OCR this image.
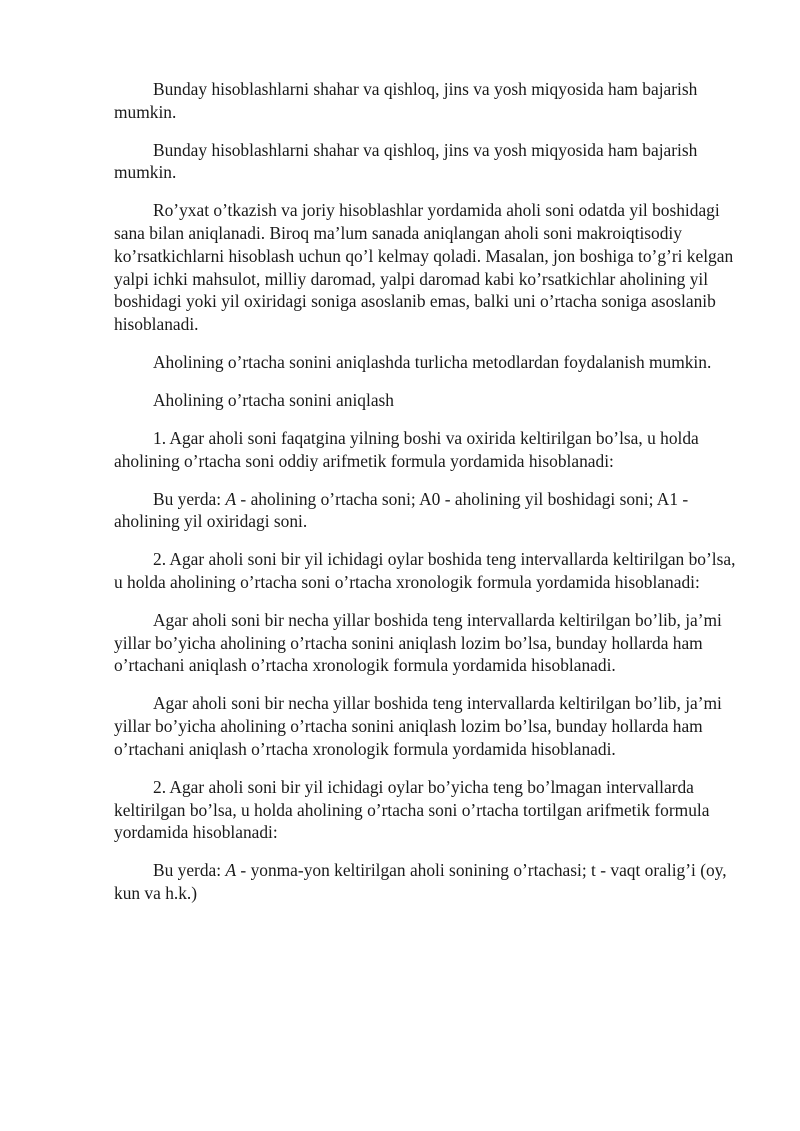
Bunday hisoblashlarni shahar va qishloq, jins va yosh miqyosida ham bajarish mumkin.

Bunday hisoblashlarni shahar va qishloq, jins va yosh miqyosida ham bajarish mumkin.

Ro’yxat o’tkazish va joriy hisoblashlar yordamida aholi soni odatda yil boshidagi sana bilan aniqlanadi. Biroq ma’lum sanada aniqlangan aholi soni makroiqtisodiy ko’rsatkichlarni hisoblash uchun qo’l kelmay qoladi. Masalan, jon boshiga to’g’ri kelgan yalpi ichki mahsulot, milliy daromad, yalpi daromad kabi ko’rsatkichlar aholining yil boshidagi yoki yil oxiridagi soniga asoslanib emas, balki uni o’rtacha soniga asoslanib hisoblanadi.

Aholining o’rtacha sonini aniqlashda turlicha metodlardan foydalanish mumkin.

Aholining o’rtacha sonini aniqlash

1. Agar aholi soni faqatgina yilning boshi va oxirida keltirilgan bo’lsa, u holda aholining o’rtacha soni oddiy arifmetik formula yordamida hisoblanadi:

Bu yerda: A - aholining o’rtacha soni; A0 - aholining yil boshidagi soni; A1 - aholining yil oxiridagi soni.

2. Agar aholi soni bir yil ichidagi oylar boshida teng intervallarda keltirilgan bo’lsa, u holda aholining o’rtacha soni o’rtacha xronologik formula yordamida hisoblanadi:

Agar aholi soni bir necha yillar boshida teng intervallarda keltirilgan bo’lib, ja’mi yillar bo’yicha aholining o’rtacha sonini aniqlash lozim bo’lsa, bunday hollarda ham o’rtachani aniqlash o’rtacha xronologik formula yordamida hisoblanadi.

Agar aholi soni bir necha yillar boshida teng intervallarda keltirilgan bo’lib, ja’mi yillar bo’yicha aholining o’rtacha sonini aniqlash lozim bo’lsa, bunday hollarda ham o’rtachani aniqlash o’rtacha xronologik formula yordamida hisoblanadi.

2. Agar aholi soni bir yil ichidagi oylar bo’yicha teng bo’lmagan intervallarda keltirilgan bo’lsa, u holda aholining o’rtacha soni o’rtacha tortilgan arifmetik formula yordamida hisoblanadi:

Bu yerda: A - yonma-yon keltirilgan aholi sonining o’rtachasi; t - vaqt oralig’i (oy, kun va h.k.)
